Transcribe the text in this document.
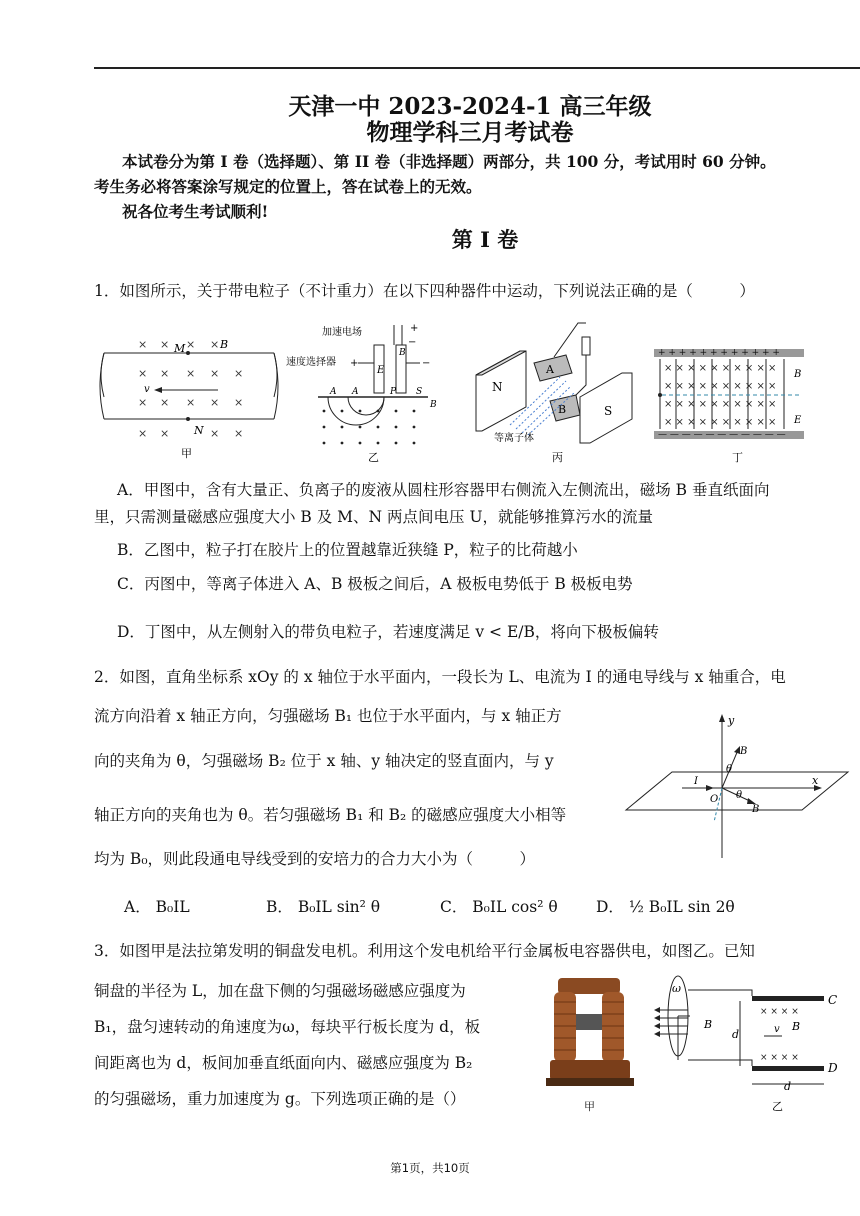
天津一中 2023-2024-1 高三年级
物理学科三月考试卷
本试卷分为第 I 卷（选择题）、第 II 卷（非选择题）两部分，共 100 分，考试用时 60 分钟。
考生务必将答案涂写规定的位置上，答在试卷上的无效。
祝各位考生考试顺利!
第 I 卷
1．如图所示，关于带电粒子（不计重力）在以下四种器件中运动，下列说法正确的是（　　　）
× × × ×
× × × × ×
× × × × ×
× ×	× ×
M
N
B
v
甲
加速电场
速度选择器
+
−
E
B
+	−
A A	P S
B
乙
N
S
A
B
等离子体
丙
+ + + + + + + + + + + +
— — — — — — — — — — —
× × × × × × × × × ×
× × × × × × × × × ×
× × × × × × × × × ×
× × × × × × × × × ×
B
E
丁
A．甲图中，含有大量正、负离子的废液从圆柱形容器甲右侧流入左侧流出，磁场 B 垂直纸面向
里，只需测量磁感应强度大小 B 及 M、N 两点间电压 U，就能够推算污水的流量
B．乙图中，粒子打在胶片上的位置越靠近狭缝 P，粒子的比荷越小
C．丙图中，等离子体进入 A、B 极板之间后，A 极板电势低于 B 极板电势
D．丁图中，从左侧射入的带负电粒子，若速度满足 v < E/B，将向下极板偏转
2．如图，直角坐标系 xOy 的 x 轴位于水平面内，一段长为 L、电流为 I 的通电导线与 x 轴重合，电
流方向沿着 x 轴正方向，匀强磁场 B₁ 也位于水平面内，与 x 轴正方
向的夹角为 θ，匀强磁场 B₂ 位于 x 轴、y 轴决定的竖直面内，与 y
轴正方向的夹角也为 θ。若匀强磁场 B₁ 和 B₂ 的磁感应强度大小相等
均为 B₀，则此段通电导线受到的安培力的合力大小为（　　　）
y
x
I
B
θ
B
θ
O
A． B₀IL	B． B₀IL sin² θ	C． B₀IL cos² θ D． ½ B₀IL sin 2θ
3．如图甲是法拉第发明的铜盘发电机。利用这个发电机给平行金属板电容器供电，如图乙。已知
铜盘的半径为 L，加在盘下侧的匀强磁场磁感应强度为
B₁，盘匀速转动的角速度为ω，每块平行板长度为 d，板
间距离也为 d，板间加垂直纸面向内、磁感应强度为 B₂
的匀强磁场，重力加速度为 g。下列选项正确的是（）	甲
ω
B
C
D
× × × ×
× × × ×
B
v
d
d
乙
第1页，共10页
